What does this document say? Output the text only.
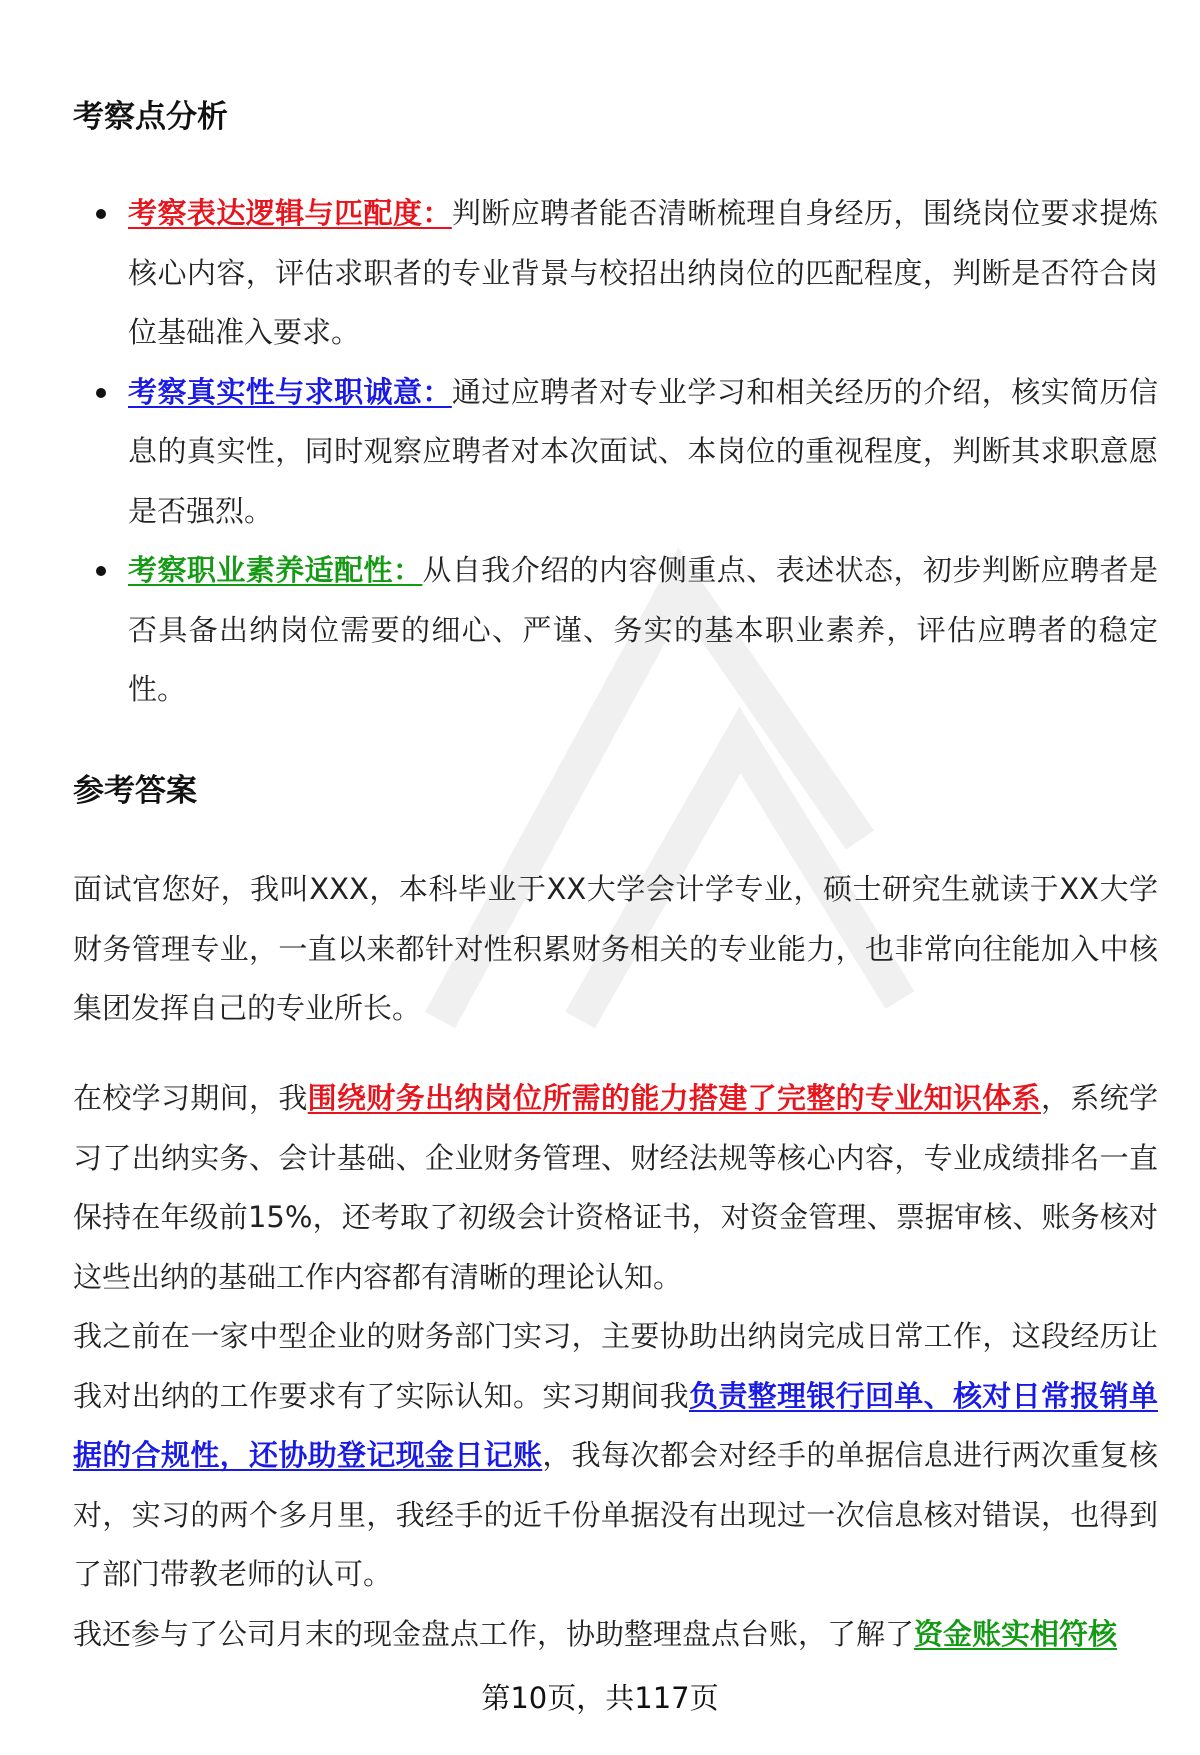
考察点分析
考察表达逻辑与匹配度：判断应聘者能否清晰梳理自身经历，围绕岗位要求提炼核心内容，评估求职者的专业背景与校招出纳岗位的匹配程度，判断是否符合岗位基础准入要求。
考察真实性与求职诚意：通过应聘者对专业学习和相关经历的介绍，核实简历信息的真实性，同时观察应聘者对本次面试、本岗位的重视程度，判断其求职意愿是否强烈。
考察职业素养适配性：从自我介绍的内容侧重点、表述状态，初步判断应聘者是否具备出纳岗位需要的细心、严谨、务实的基本职业素养，评估应聘者的稳定性。
参考答案

面试官您好，我叫XXX，本科毕业于XX大学会计学专业，硕士研究生就读于XX大学财务管理专业，一直以来都针对性积累财务相关的专业能力，也非常向往能加入中核集团发挥自己的专业所长。

在校学习期间，我围绕财务出纳岗位所需的能力搭建了完整的专业知识体系，系统学习了出纳实务、会计基础、企业财务管理、财经法规等核心内容，专业成绩排名一直保持在年级前15%，还考取了初级会计资格证书，对资金管理、票据审核、账务核对这些出纳的基础工作内容都有清晰的理论认知。

我之前在一家中型企业的财务部门实习，主要协助出纳岗完成日常工作，这段经历让我对出纳的工作要求有了实际认知。实习期间我负责整理银行回单、核对日常报销单据的合规性，还协助登记现金日记账，我每次都会对经手的单据信息进行两次重复核对，实习的两个多月里，我经手的近千份单据没有出现过一次信息核对错误，也得到了部门带教老师的认可。

我还参与了公司月末的现金盘点工作，协助整理盘点台账，了解了资金账实相符核

第10页，共117页
